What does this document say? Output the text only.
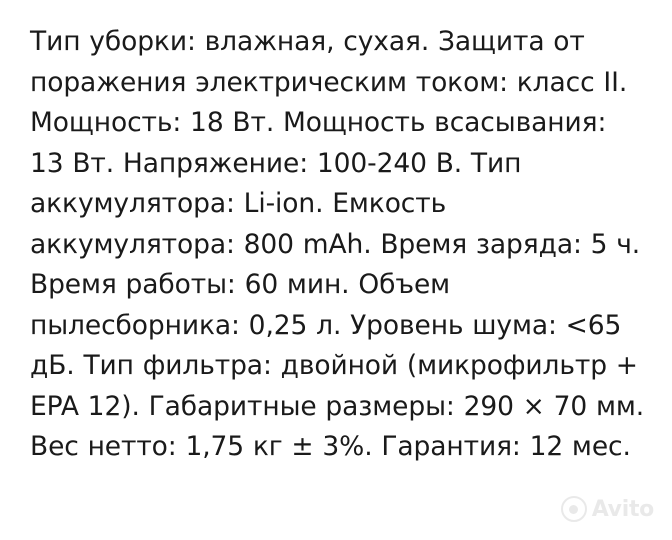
Тип уборки: влажная, сухая. Защита от поражения электрическим током: класс II. Мощность: 18 Вт. Мощность всасывания: 13 Вт. Напряжение: 100-240 В. Тип аккумулятора: Li-ion. Емкость аккумулятора: 800 mAh. Время заряда: 5 ч. Время работы: 60 мин. Объем пылесборника: 0,25 л. Уровень шума: <65 дБ. Тип фильтра: двойной (микрофильтр + EPA 12). Габаритные размеры: 290 × 70 мм. Вес нетто: 1,75 кг ± 3%. Гарантия: 12 мес.
Avito
